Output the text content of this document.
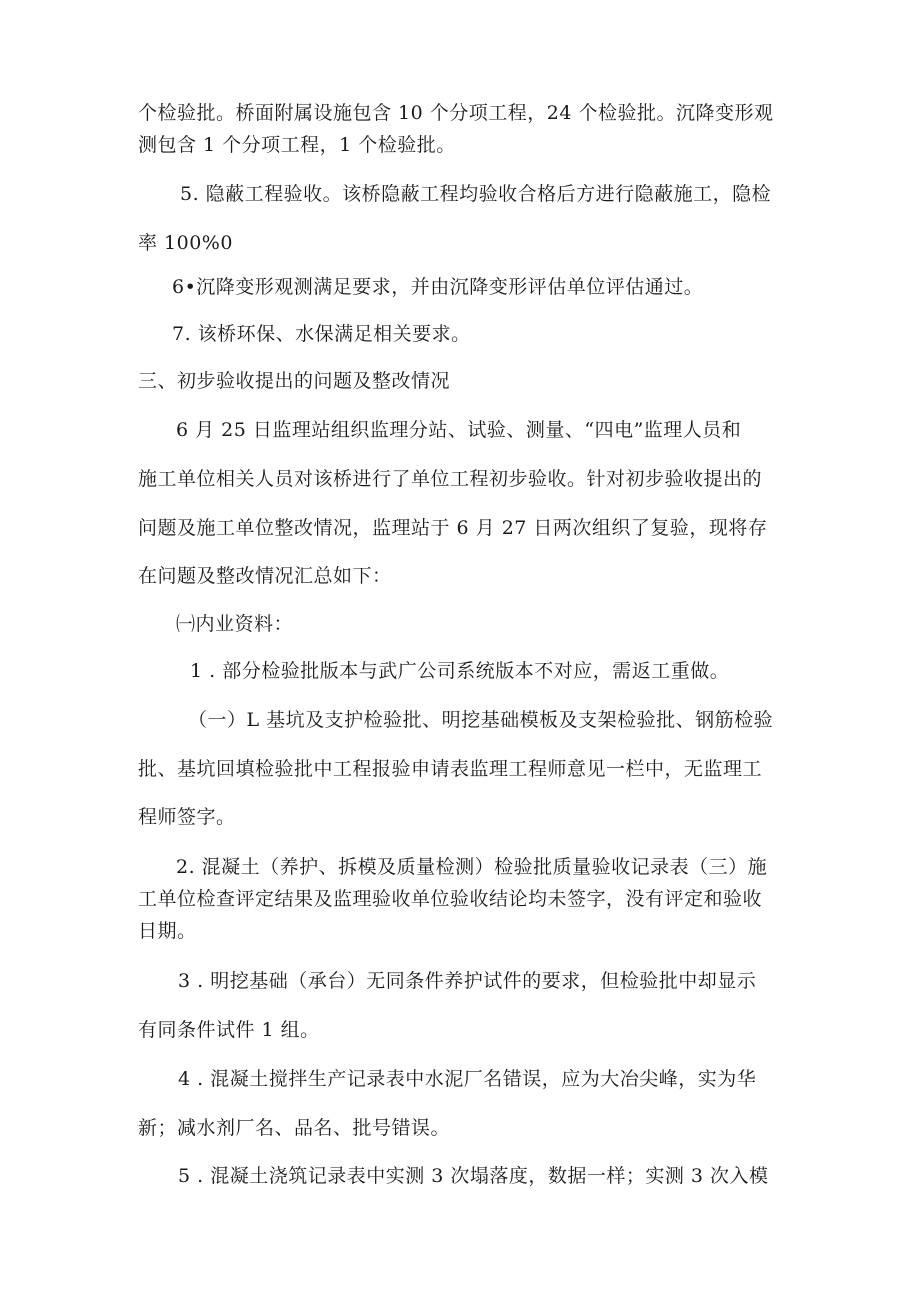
个检验批。桥面附属设施包含 10 个分项工程，24 个检验批。沉降变形观
测包含 1 个分项工程，1 个检验批。
5. 隐蔽工程验收。该桥隐蔽工程均验收合格后方进行隐蔽施工，隐检
率 100%0
6•沉降变形观测满足要求，并由沉降变形评估单位评估通过。
7. 该桥环保、水保满足相关要求。
三、初步验收提出的问题及整改情况
6 月 25 日监理站组织监理分站、试验、测量、“四电”监理人员和
施工单位相关人员对该桥进行了单位工程初步验收。针对初步验收提出的
问题及施工单位整改情况，监理站于 6 月 27 日两次组织了复验，现将存
在问题及整改情况汇总如下：
㈠内业资料：
1 . 部分检验批版本与武广公司系统版本不对应，需返工重做。
（一）L 基坑及支护检验批、明挖基础模板及支架检验批、钢筋检验
批、基坑回填检验批中工程报验申请表监理工程师意见一栏中，无监理工
程师签字。
2. 混凝土（养护、拆模及质量检测）检验批质量验收记录表（三）施
工单位检查评定结果及监理验收单位验收结论均未签字，没有评定和验收
日期。
3 . 明挖基础（承台）无同条件养护试件的要求，但检验批中却显示
有同条件试件 1 组。
4 . 混凝土搅拌生产记录表中水泥厂名错误，应为大冶尖峰，实为华
新；减水剂厂名、品名、批号错误。
5 . 混凝土浇筑记录表中实测 3 次塌落度，数据一样；实测 3 次入模
